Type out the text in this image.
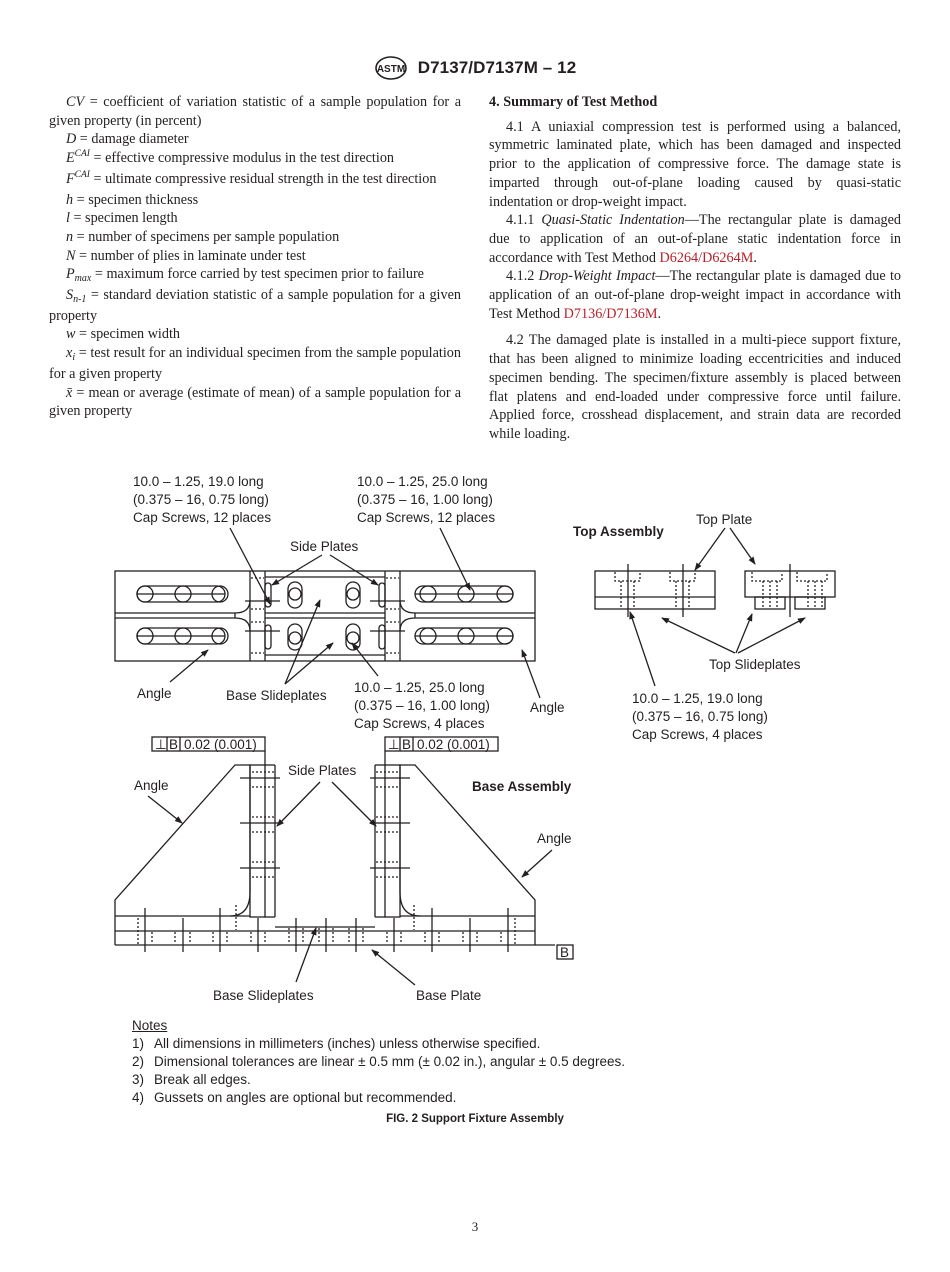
ASTM D7137/D7137M – 12

CV = coefficient of variation statistic of a sample population for a given property (in percent)

D = damage diameter

$E^{CAI}$ = effective compressive modulus in the test direction

$F^{CAI}$ = ultimate compressive residual strength in the test direction

h = specimen thickness

l = specimen length

n = number of specimens per sample population

N = number of plies in laminate under test

$P_{max}$ = maximum force carried by test specimen prior to failure

$S_{n-1}$ = standard deviation statistic of a sample population for a given property

w = specimen width

$x_i$ = test result for an individual specimen from the sample population for a given property

x̄ = mean or average (estimate of mean) of a sample population for a given property

4. Summary of Test Method

4.1 A uniaxial compression test is performed using a balanced, symmetric laminated plate, which has been damaged and inspected prior to the application of compressive force. The damage state is imparted through out-of-plane loading caused by quasi-static indentation or drop-weight impact.

4.1.1 Quasi-Static Indentation—The rectangular plate is damaged due to application of an out-of-plane static indentation force in accordance with Test Method D6264/D6264M.

4.1.2 Drop-Weight Impact—The rectangular plate is damaged due to application of an out-of-plane drop-weight impact in accordance with Test Method D7136/D7136M.

4.2 The damaged plate is installed in a multi-piece support fixture, that has been aligned to minimize loading eccentricities and induced specimen bending. The specimen/fixture assembly is placed between flat platens and end-loaded under compressive force until failure. Applied force, crosshead displacement, and strain data are recorded while loading.

10.0 – 1.25, 19.0 long
(0.375 – 16, 0.75 long)
Cap Screws, 12 places
10.0 – 1.25, 25.0 long
(0.375 – 16, 1.00 long)
Cap Screws, 12 places
Side Plates
Angle	Base Slideplates
10.0 – 1.25, 25.0 long
(0.375 – 16, 1.00 long)
Cap Screws, 4 places
Angle
Top Assembly
Top Plate
Top Slideplates
10.0 – 1.25, 19.0 long
(0.375 – 16, 0.75 long)
Cap Screws, 4 places
⊥ B 0.02 (0.001)	⊥ B 0.02 (0.001)
Angle
Side Plates
Base Assembly
Angle
Base Slideplates	Base Plate
B
Notes
1) All dimensions in millimeters (inches) unless otherwise specified.
2) Dimensional tolerances are linear ± 0.5 mm (± 0.02 in.), angular ± 0.5 degrees.
3) Break all edges.
4) Gussets on angles are optional but recommended.
FIG. 2 Support Fixture Assembly
3
